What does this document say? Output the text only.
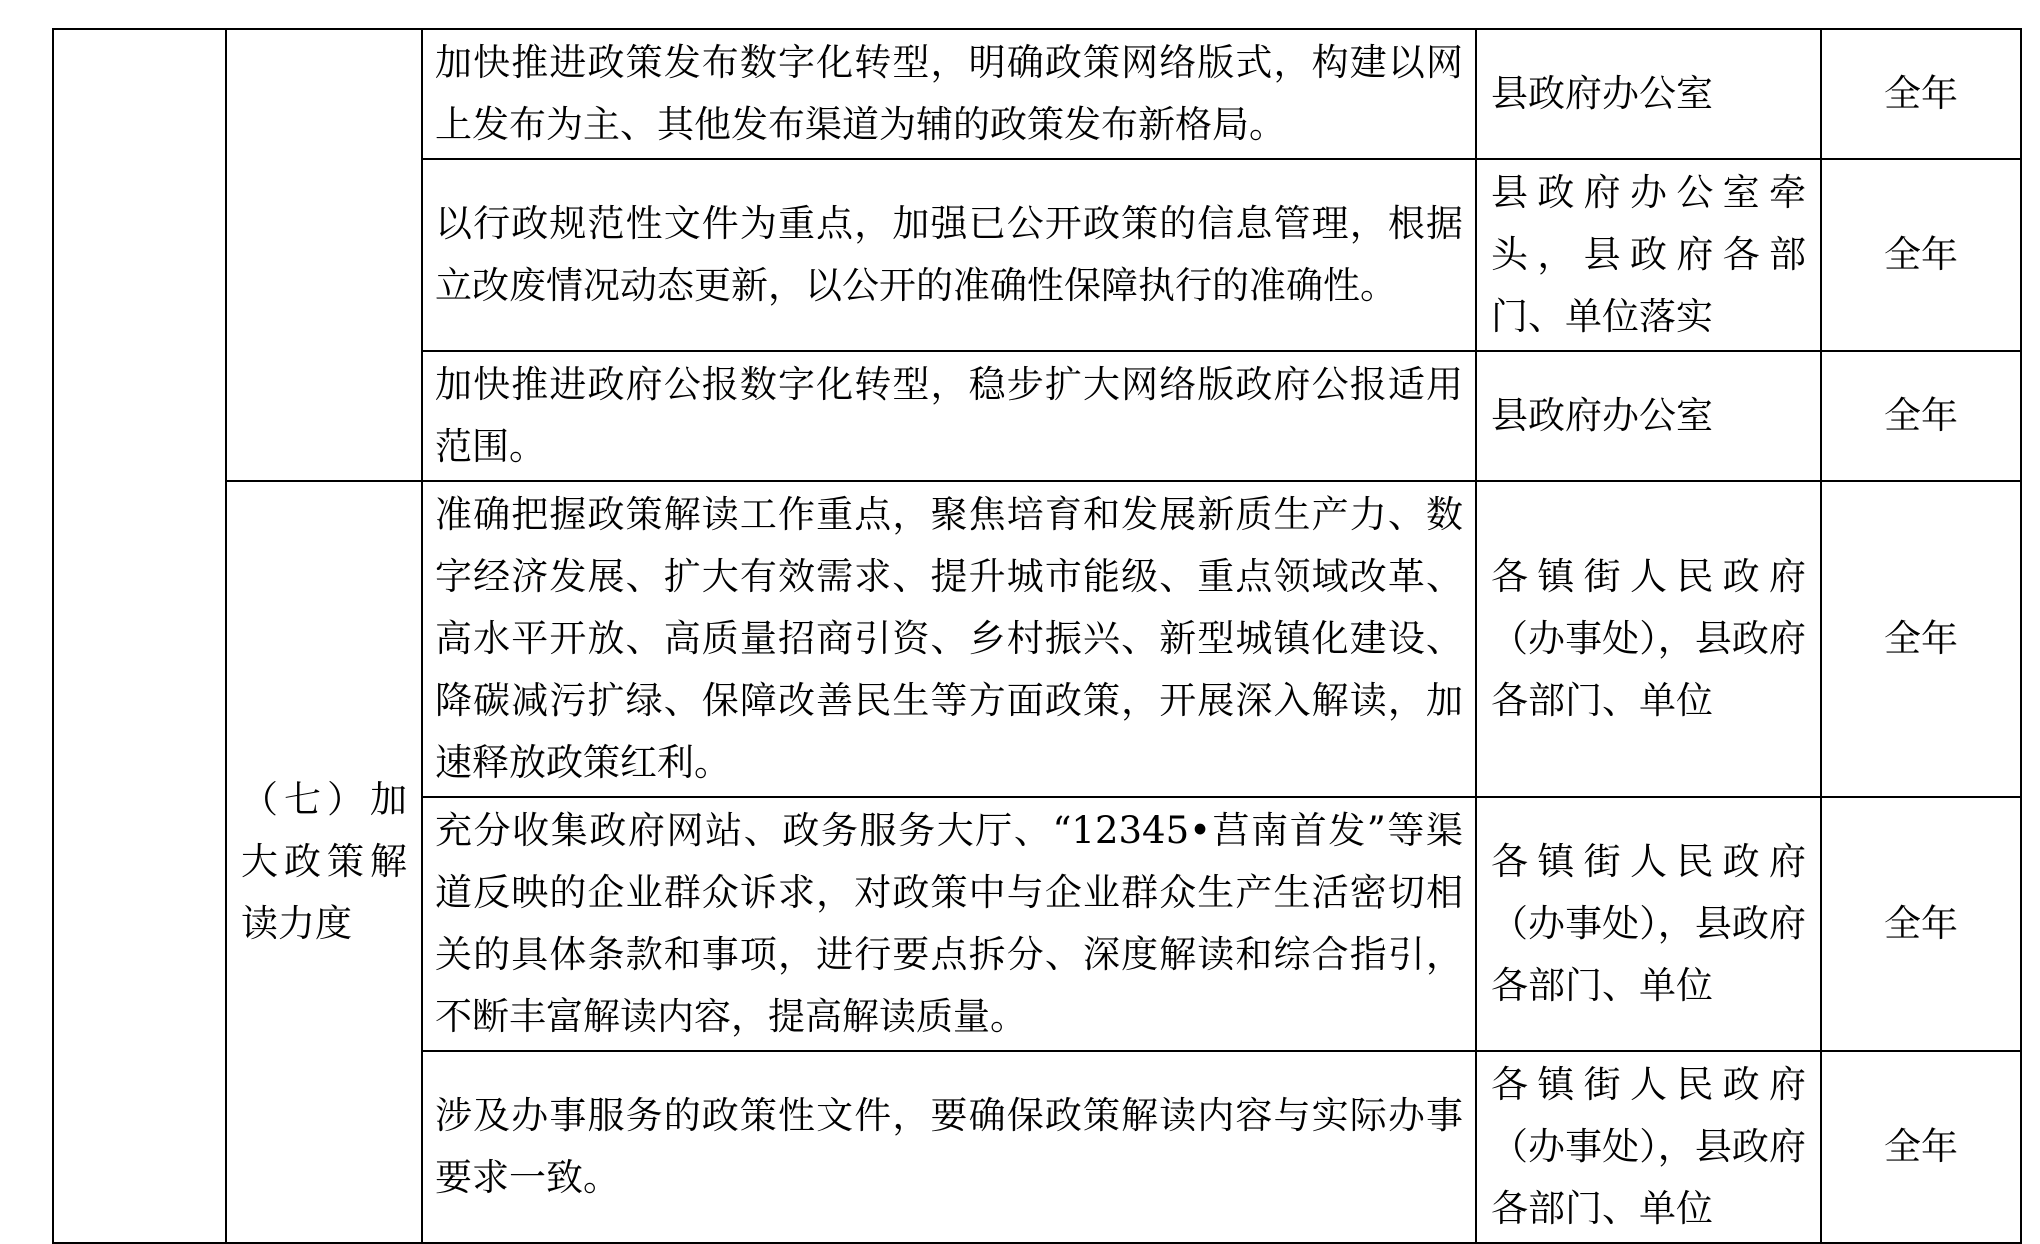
		加快推进政策发布数字化转型，明确政策网络版式，构建以网上发布为主、其他发布渠道为辅的政策发布新格局。	县政府办公室	全年

		以行政规范性文件为重点，加强已公开政策的信息管理，根据立改废情况动态更新，以公开的准确性保障执行的准确性。	县政府办公室牵头，县政府各部门、单位落实	全年

		加快推进政府公报数字化转型，稳步扩大网络版政府公报适用范围。	县政府办公室	全年

	（七）加大政策解读力度	准确把握政策解读工作重点，聚焦培育和发展新质生产力、数字经济发展、扩大有效需求、提升城市能级、重点领域改革、高水平开放、高质量招商引资、乡村振兴、新型城镇化建设、降碳减污扩绿、保障改善民生等方面政策，开展深入解读，加速释放政策红利。	各镇街人民政府（办事处），县政府各部门、单位	全年

		充分收集政府网站、政务服务大厅、“12345•莒南首发”等渠道反映的企业群众诉求，对政策中与企业群众生产生活密切相关的具体条款和事项，进行要点拆分、深度解读和综合指引，不断丰富解读内容，提高解读质量。	各镇街人民政府（办事处），县政府各部门、单位	全年

		涉及办事服务的政策性文件，要确保政策解读内容与实际办事要求一致。	各镇街人民政府（办事处），县政府各部门、单位	全年
